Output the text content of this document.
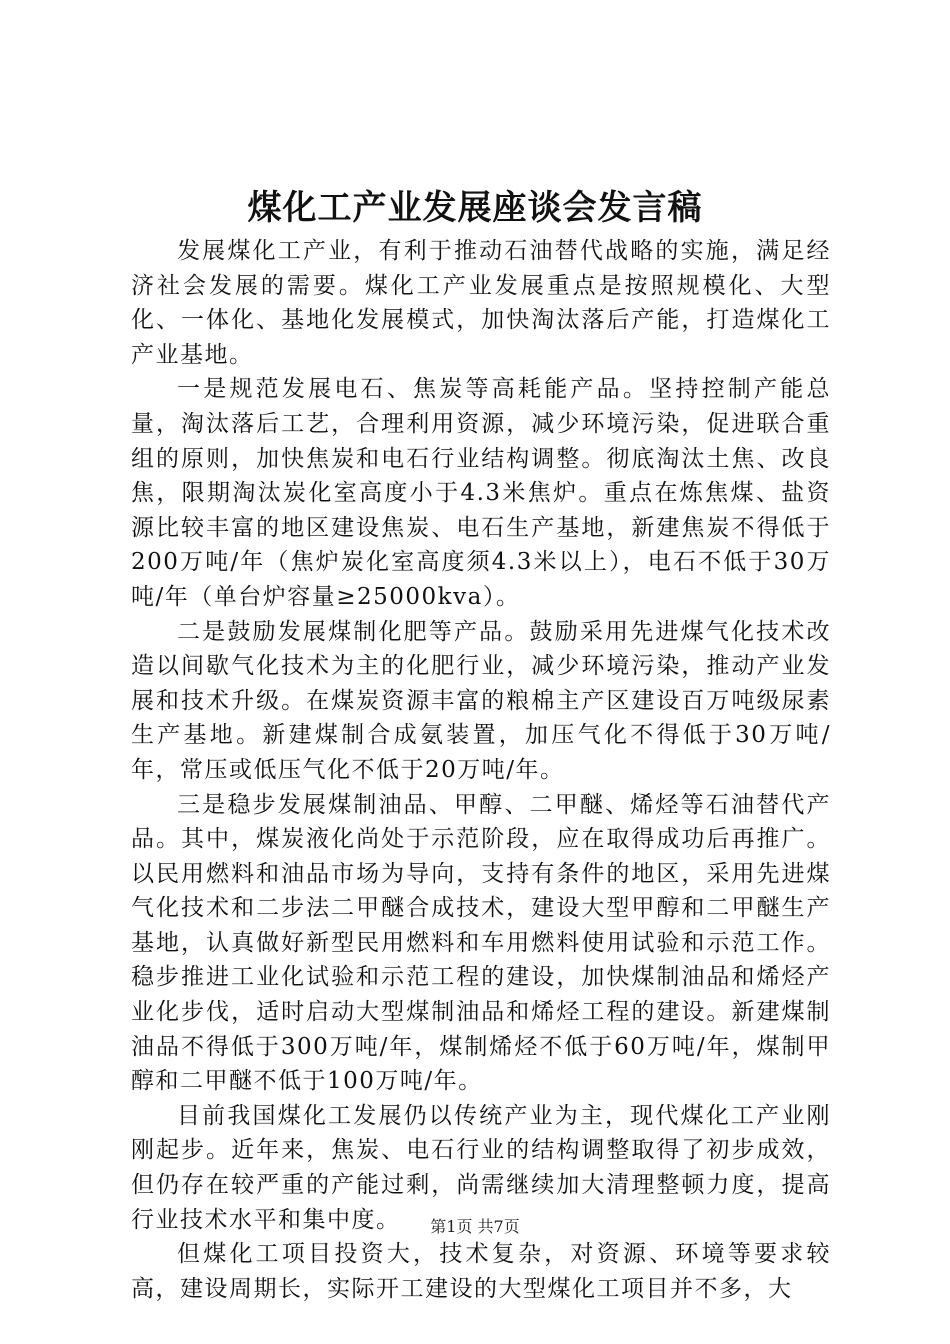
煤化工产业发展座谈会发言稿

发展煤化工产业，有利于推动石油替代战略的实施，满足经济社会发展的需要。煤化工产业发展重点是按照规模化、大型化、一体化、基地化发展模式，加快淘汰落后产能，打造煤化工产业基地。

一是规范发展电石、焦炭等高耗能产品。坚持控制产能总量，淘汰落后工艺，合理利用资源，减少环境污染，促进联合重组的原则，加快焦炭和电石行业结构调整。彻底淘汰土焦、改良焦，限期淘汰炭化室高度小于4.3米焦炉。重点在炼焦煤、盐资源比较丰富的地区建设焦炭、电石生产基地，新建焦炭不得低于200万吨/年（焦炉炭化室高度须4.3米以上），电石不低于30万吨/年（单台炉容量≥25000kva）。

二是鼓励发展煤制化肥等产品。鼓励采用先进煤气化技术改造以间歇气化技术为主的化肥行业，减少环境污染，推动产业发展和技术升级。在煤炭资源丰富的粮棉主产区建设百万吨级尿素生产基地。新建煤制合成氨装置，加压气化不得低于30万吨/年，常压或低压气化不低于20万吨/年。

三是稳步发展煤制油品、甲醇、二甲醚、烯烃等石油替代产品。其中，煤炭液化尚处于示范阶段，应在取得成功后再推广。以民用燃料和油品市场为导向，支持有条件的地区，采用先进煤气化技术和二步法二甲醚合成技术，建设大型甲醇和二甲醚生产基地，认真做好新型民用燃料和车用燃料使用试验和示范工作。稳步推进工业化试验和示范工程的建设，加快煤制油品和烯烃产业化步伐，适时启动大型煤制油品和烯烃工程的建设。新建煤制油品不得低于300万吨/年，煤制烯烃不低于60万吨/年，煤制甲醇和二甲醚不低于100万吨/年。

目前我国煤化工发展仍以传统产业为主，现代煤化工产业刚刚起步。近年来，焦炭、电石行业的结构调整取得了初步成效，但仍存在较严重的产能过剩，尚需继续加大清理整顿力度，提高行业技术水平和集中度。

但煤化工项目投资大，技术复杂，对资源、环境等要求较高，建设周期长，实际开工建设的大型煤化工项目并不多，大

第1页 共7页
